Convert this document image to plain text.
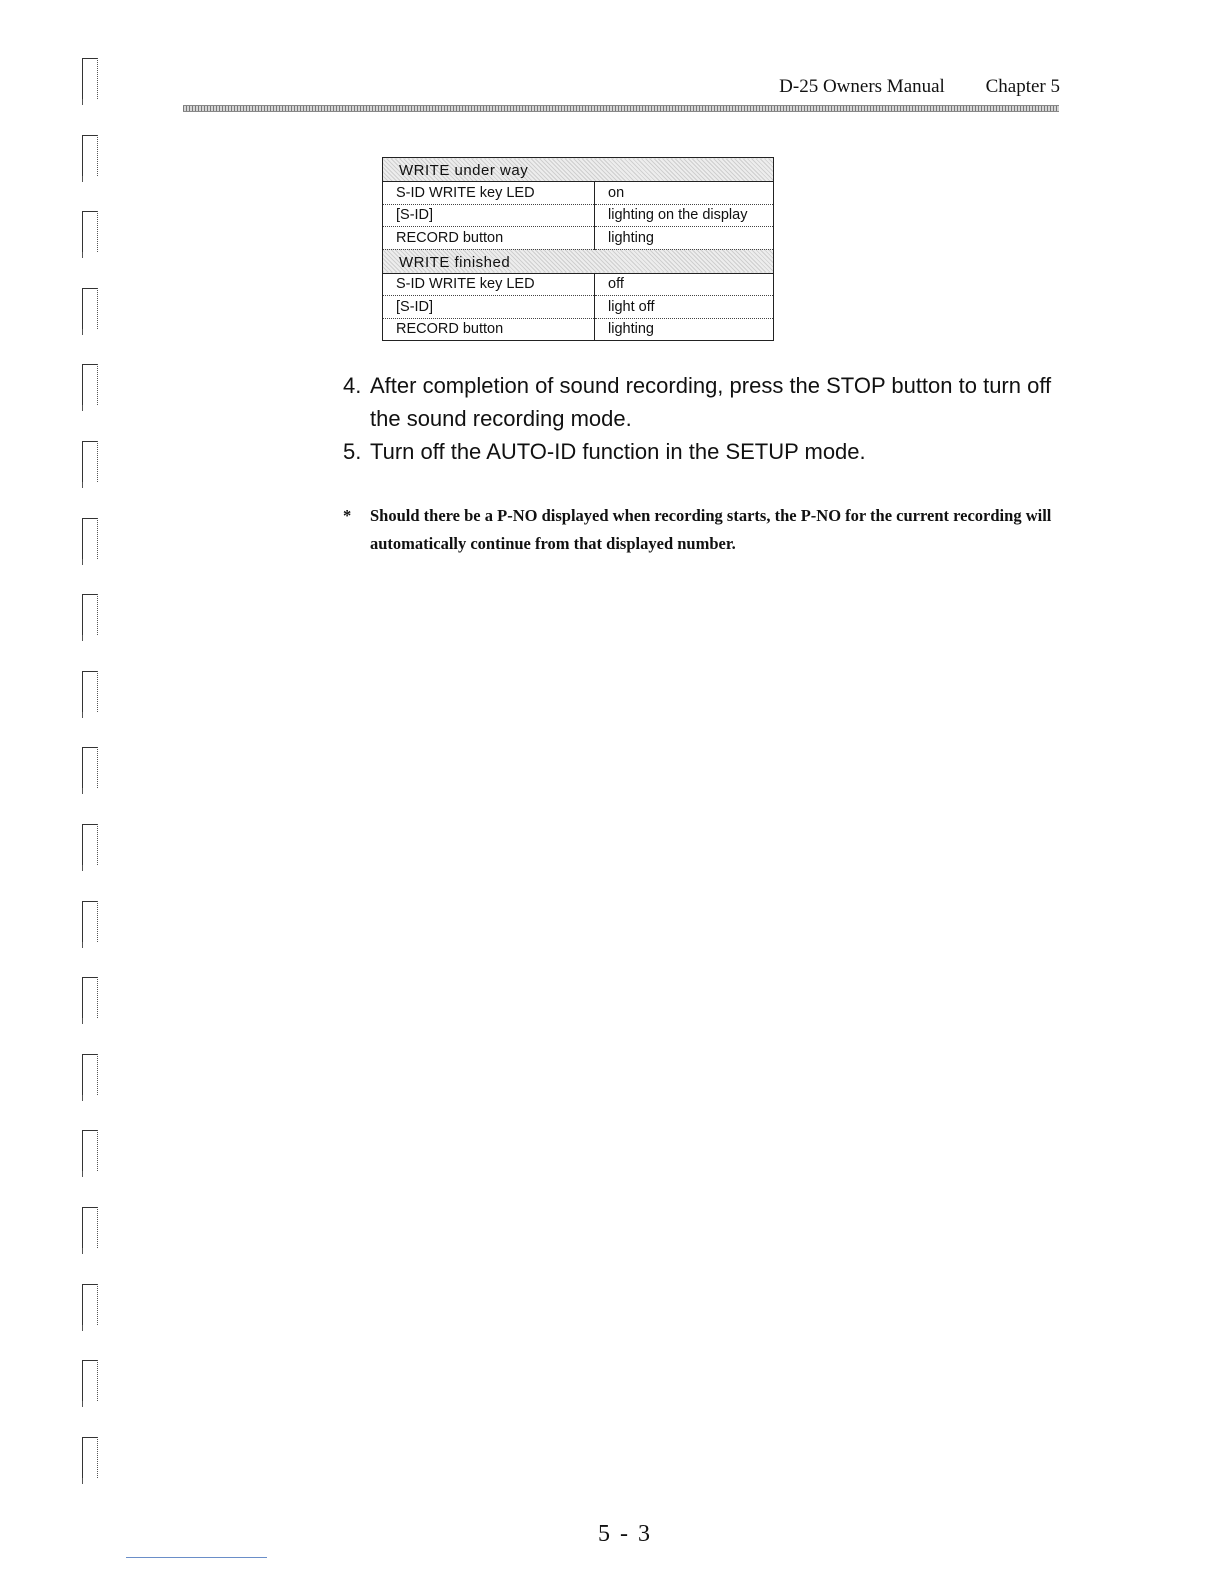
D-25 Owners Manual Chapter 5
WRITE under way	
S-ID WRITE key LED	on
[S-ID]	lighting on the display
RECORD button	lighting
WRITE finished	
S-ID WRITE key LED	off
[S-ID]	light off
RECORD button	lighting
4. After completion of sound recording, press the STOP button to turn off the sound recording mode.
5. Turn off the AUTO-ID function in the SETUP mode.
*	Should there be a P-NO displayed when recording starts, the P-NO for the current recording will automatically continue from that displayed number.
5 - 3
